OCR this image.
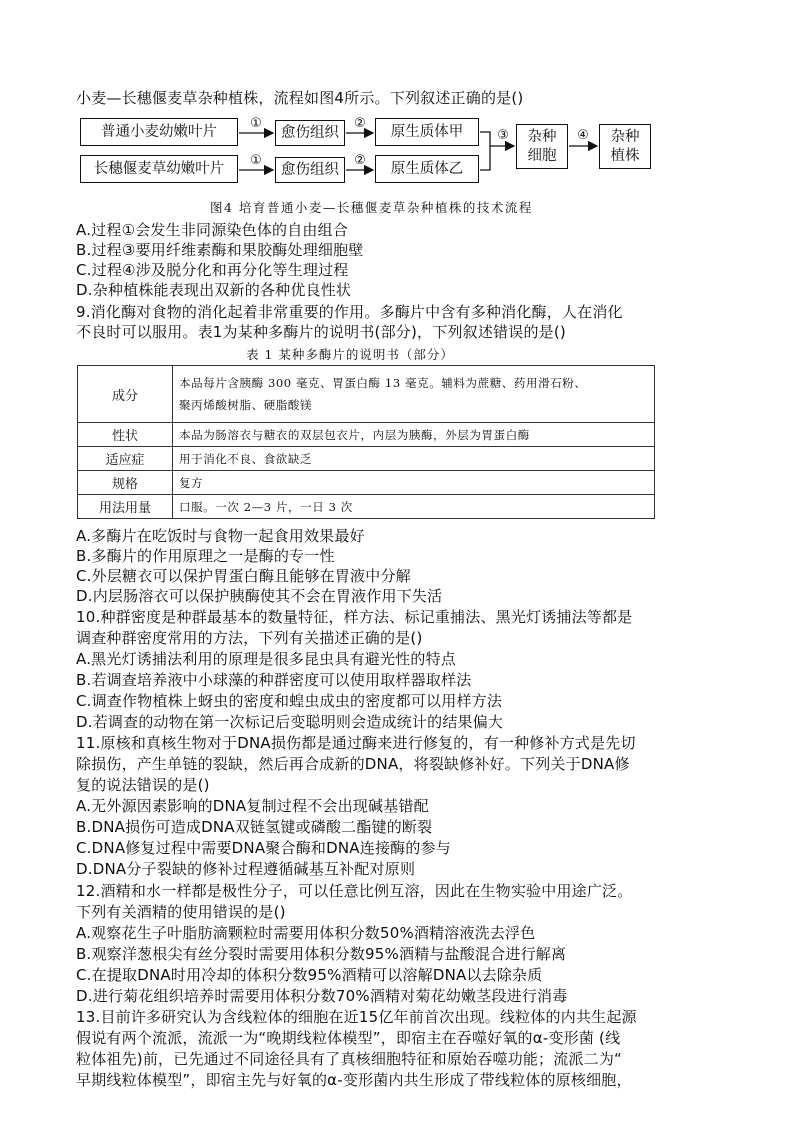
小麦—长穗偃麦草杂种植株，流程如图4所示。下列叙述正确的是()
普通小麦幼嫩叶片
长穗偃麦草幼嫩叶片
愈伤组织
愈伤组织
原生质体甲
原生质体乙
杂种细胞
杂种植株
①
①
②
②
③	④
图4 培育普通小麦—长穗偃麦草杂种植株的技术流程
A.过程①会发生非同源染色体的自由组合
B.过程③要用纤维素酶和果胶酶处理细胞壁
C.过程④涉及脱分化和再分化等生理过程
D.杂种植株能表现出双新的各种优良性状
9.消化酶对食物的消化起着非常重要的作用。多酶片中含有多种消化酶，人在消化
不良时可以服用。表1为某种多酶片的说明书(部分)，下列叙述错误的是()
表 1 某种多酶片的说明书（部分）
成分	本品每片含胰酶 300 毫克、胃蛋白酶 13 毫克。辅料为蔗糖、药用滑石粉、
聚丙烯酸树脂、硬脂酸镁

性状	本品为肠溶衣与糖衣的双层包衣片，内层为胰酶，外层为胃蛋白酶

适应症	用于消化不良、食欲缺乏

规格	复方

用法用量	口服。一次 2—3 片，一日 3 次
A.多酶片在吃饭时与食物一起食用效果最好
B.多酶片的作用原理之一是酶的专一性
C.外层糖衣可以保护胃蛋白酶且能够在胃液中分解
D.内层肠溶衣可以保护胰酶使其不会在胃液作用下失活
10.种群密度是种群最基本的数量特征，样方法、标记重捕法、黑光灯诱捕法等都是
调查种群密度常用的方法，下列有关描述正确的是()
A.黑光灯诱捕法利用的原理是很多昆虫具有避光性的特点
B.若调查培养液中小球藻的种群密度可以使用取样器取样法
C.调查作物植株上蚜虫的密度和蝗虫成虫的密度都可以用样方法
D.若调查的动物在第一次标记后变聪明则会造成统计的结果偏大
11.原核和真核生物对于DNA损伤都是通过酶来进行修复的，有一种修补方式是先切
除损伤，产生单链的裂缺，然后再合成新的DNA，将裂缺修补好。下列关于DNA修
复的说法错误的是()
A.无外源因素影响的DNA复制过程不会出现碱基错配
B.DNA损伤可造成DNA双链氢键或磷酸二酯键的断裂
C.DNA修复过程中需要DNA聚合酶和DNA连接酶的参与
D.DNA分子裂缺的修补过程遵循碱基互补配对原则
12.酒精和水一样都是极性分子，可以任意比例互溶，因此在生物实验中用途广泛。
下列有关酒精的使用错误的是()
A.观察花生子叶脂肪滴颗粒时需要用体积分数50%酒精溶液洗去浮色
B.观察洋葱根尖有丝分裂时需要用体积分数95%酒精与盐酸混合进行解离
C.在提取DNA时用冷却的体积分数95%酒精可以溶解DNA以去除杂质
D.进行菊花组织培养时需要用体积分数70%酒精对菊花幼嫩茎段进行消毒
13.目前许多研究认为含线粒体的细胞在近15亿年前首次出现。线粒体的内共生起源
假说有两个流派，流派一为“晚期线粒体模型”，即宿主在吞噬好氧的α-变形菌 (线
粒体祖先)前，已先通过不同途径具有了真核细胞特征和原始吞噬功能；流派二为“
早期线粒体模型”，即宿主先与好氧的α-变形菌内共生形成了带线粒体的原核细胞，
